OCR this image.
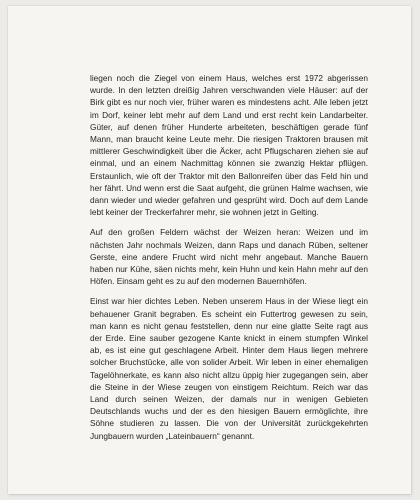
liegen noch die Ziegel von einem Haus, welches erst 1972 abgerissen wurde. In den letzten dreißig Jahren verschwanden viele Häuser: auf der Birk gibt es nur noch vier, früher waren es mindestens acht. Alle leben jetzt im Dorf, keiner lebt mehr auf dem Land und erst recht kein Landarbeiter. Güter, auf denen früher Hunderte arbeiteten, beschäftigen gerade fünf Mann, man braucht keine Leute mehr. Die riesigen Traktoren brausen mit mittlerer Geschwindigkeit über die Äcker, acht Pflugscharen ziehen sie auf einmal, und an einem Nachmittag können sie zwanzig Hektar pflügen. Erstaunlich, wie oft der Traktor mit den Ballonreifen über das Feld hin und her fährt. Und wenn erst die Saat aufgeht, die grünen Halme wachsen, wie dann wieder und wieder gefahren und gesprüht wird. Doch auf dem Lande lebt keiner der Treckerfahrer mehr, sie wohnen jetzt in Gelting.

Auf den großen Feldern wächst der Weizen heran: Weizen und im nächsten Jahr nochmals Weizen, dann Raps und danach Rüben, seltener Gerste, eine andere Frucht wird nicht mehr angebaut. Manche Bauern haben nur Kühe, säen nichts mehr, kein Huhn und kein Hahn mehr auf den Höfen. Einsam geht es zu auf den modernen Bauernhöfen.

Einst war hier dichtes Leben. Neben unserem Haus in der Wiese liegt ein behauener Granit begraben. Es scheint ein Futtertrog gewesen zu sein, man kann es nicht genau feststellen, denn nur eine glatte Seite ragt aus der Erde. Eine sauber gezogene Kante knickt in einem stumpfen Winkel ab, es ist eine gut geschlagene Arbeit. Hinter dem Haus liegen mehrere solcher Bruchstücke, alle von solider Arbeit. Wir leben in einer ehemaligen Tagelöhnerkate, es kann also nicht allzu üppig hier zugegangen sein, aber die Steine in der Wiese zeugen von einstigem Reichtum. Reich war das Land durch seinen Weizen, der damals nur in wenigen Gebieten Deutschlands wuchs und der es den hiesigen Bauern ermöglichte, ihre Söhne studieren zu lassen. Die von der Universität zurückgekehrten Jungbauern wurden „Lateinbauern“ genannt.
